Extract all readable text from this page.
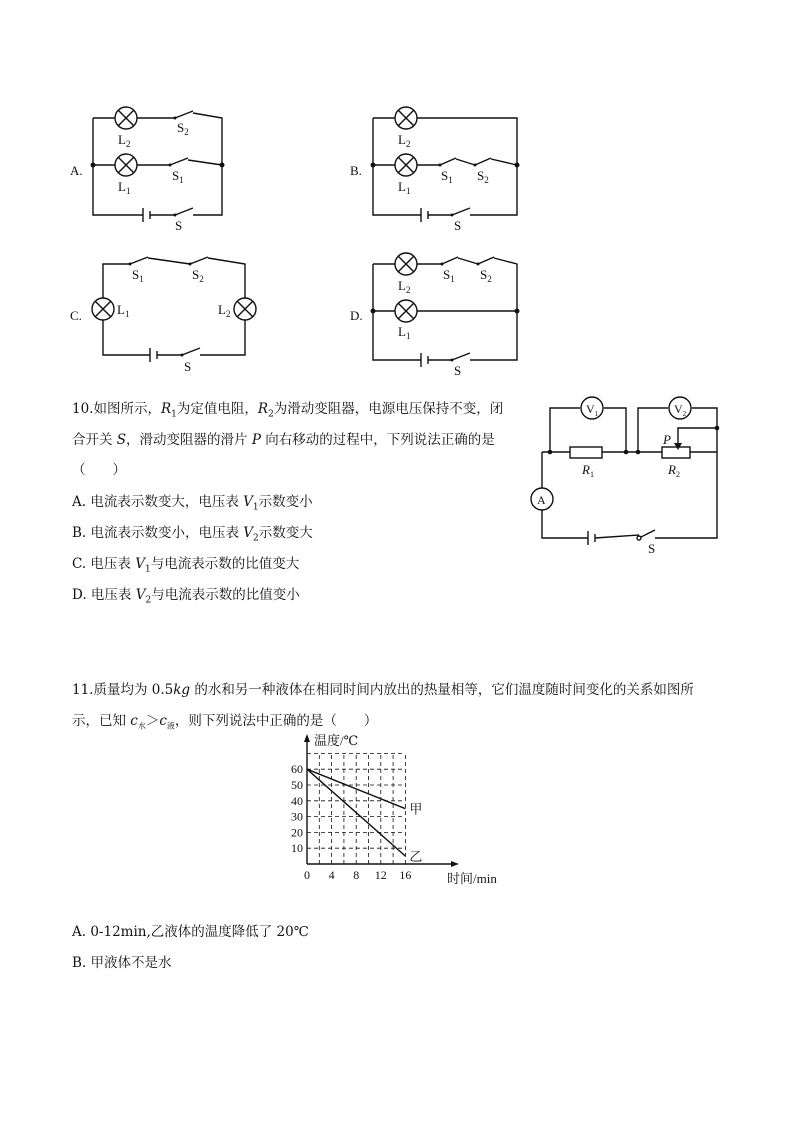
A.
$L_2$
$L_1$
$S_2$
$S_1$
S
B.
$L_2$
$L_1$
$S_1$ $S_2$
S
C.	$L_1$	$L_2$
$S_1$	$S_2$
S
D.
$L_2$
$L_1$
$S_1$ $S_2$
S
10.如图所示，$R_1$为定值电阻，$R_2$为滑动变阻器，电源电压保持不变，闭
合开关 S，滑动变阻器的滑片 P 向右移动的过程中，下列说法正确的是
（　　）
A. 电流表示数变大，电压表 $V_1$示数变小
B. 电流表示数变小，电压表 $V_2$示数变大
C. 电压表 $V_1$与电流表示数的比值变大
D. 电压表 $V_2$与电流表示数的比值变小
$V_1$	$V_2$
A
P
$R_1$	$R_2$
S
11.质量均为 0.5kg 的水和另一种液体在相同时间内放出的热量相等，它们温度随时间变化的关系如图所
示，已知 $c_水>c_液$，则下列说法中正确的是（　　）
0 4 8 12 16
10
20
30
40
50
60
温度/℃
时间/min
甲
乙
A. 0-12min,乙液体的温度降低了 20℃
B. 甲液体不是水
